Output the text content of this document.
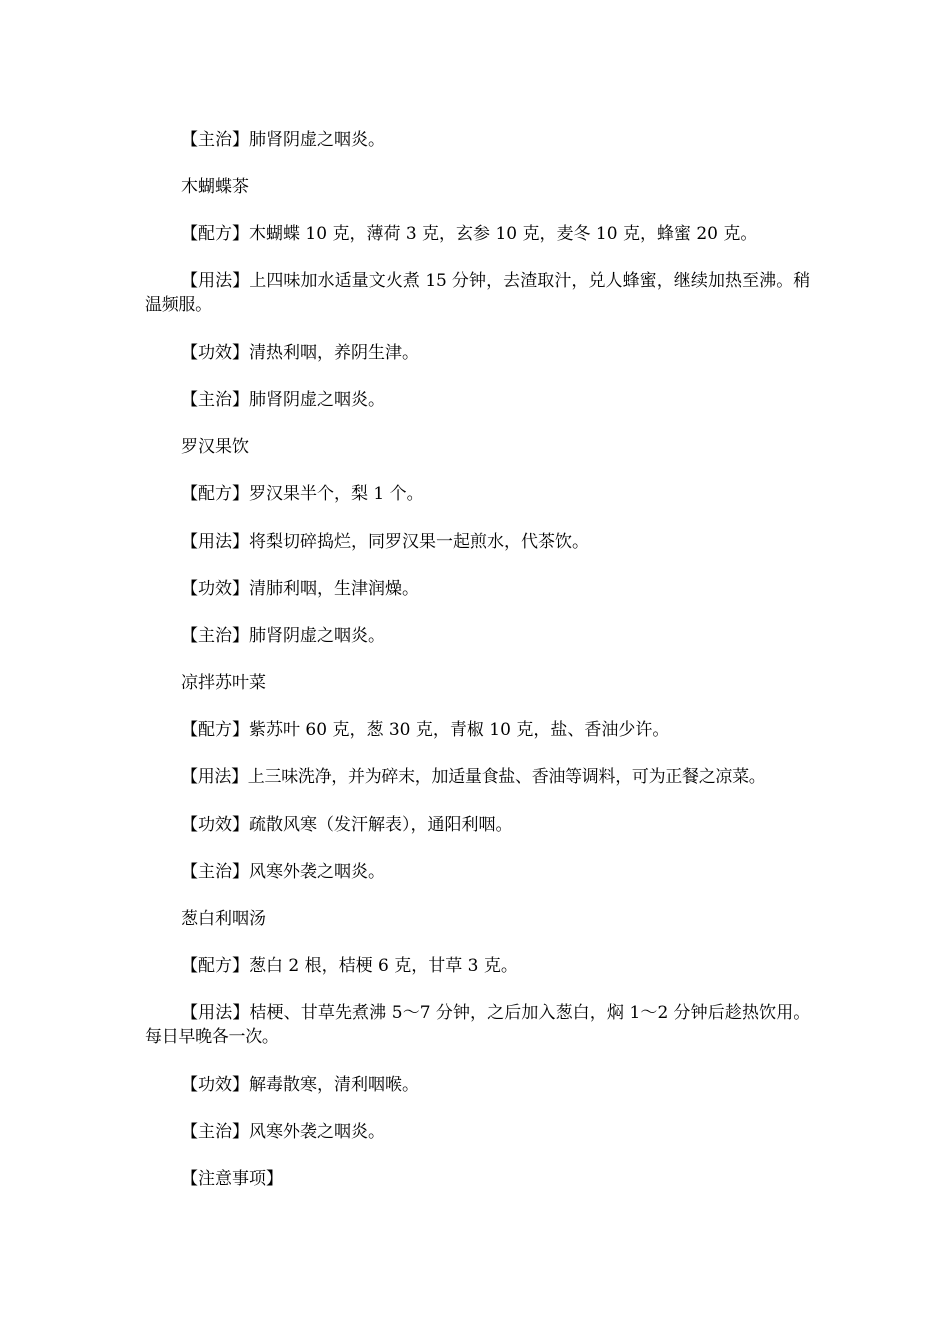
【主治】肺肾阴虚之咽炎。

木蝴蝶茶

【配方】木蝴蝶 10 克，薄荷 3 克，玄参 10 克，麦冬 10 克，蜂蜜 20 克。

【用法】上四味加水适量文火煮 15 分钟，去渣取汁，兑人蜂蜜，继续加热至沸。稍温频服。

【功效】清热利咽，养阴生津。

【主治】肺肾阴虚之咽炎。

罗汉果饮

【配方】罗汉果半个，梨 1 个。

【用法】将梨切碎捣烂，同罗汉果一起煎水，代茶饮。

【功效】清肺利咽，生津润燥。

【主治】肺肾阴虚之咽炎。

凉拌苏叶菜

【配方】紫苏叶 60 克，葱 30 克，青椒 10 克，盐、香油少许。

【用法】上三味洗净，并为碎末，加适量食盐、香油等调料，可为正餐之凉菜。

【功效】疏散风寒（发汗解表），通阳利咽。

【主治】风寒外袭之咽炎。

葱白利咽汤

【配方】葱白 2 根，桔梗 6 克，甘草 3 克。

【用法】桔梗、甘草先煮沸 5～7 分钟，之后加入葱白，焖 1～2 分钟后趁热饮用。每日早晚各一次。

【功效】解毒散寒，清利咽喉。

【主治】风寒外袭之咽炎。

【注意事项】
